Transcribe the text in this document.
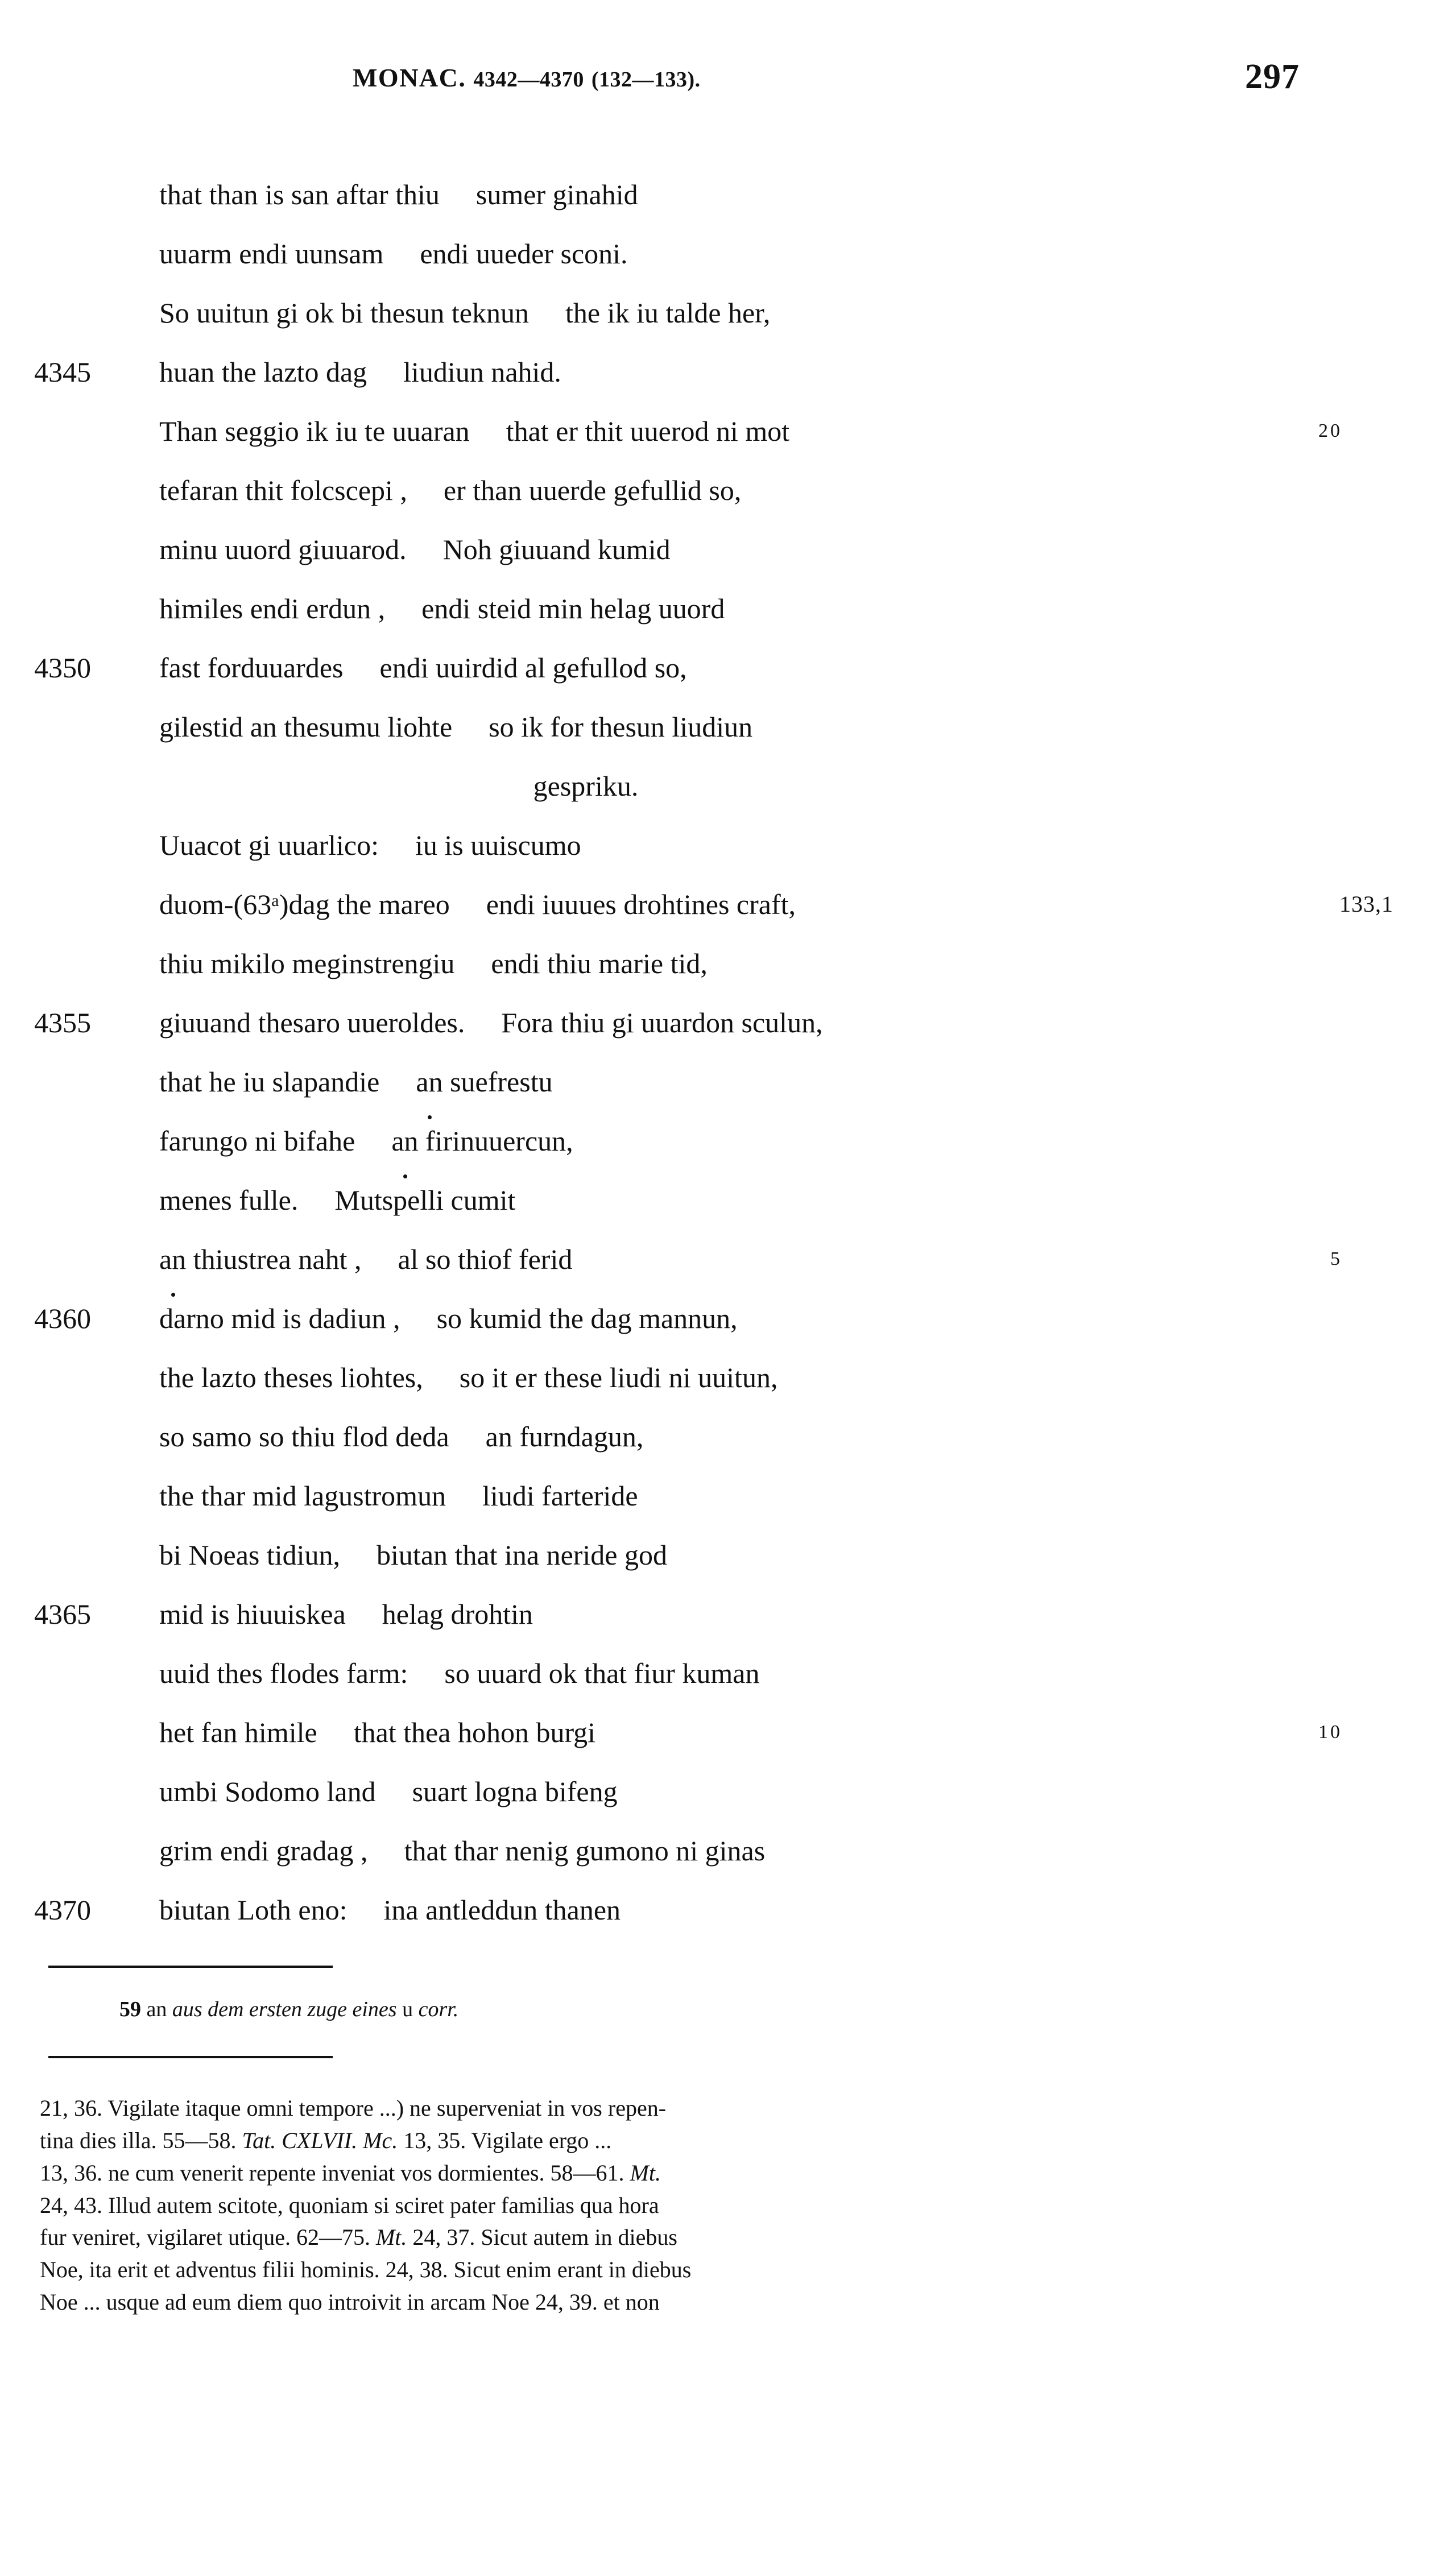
MONAC. 4342—4370 (132—133).	297
that than is san aftar thiu sumer ginahid
uuarm endi uunsam endi uueder sconi.
So uuitun gi ok bi thesun teknun the ik iu talde her,
4345	huan the lazto dag liudiun nahid.
Than seggio ik iu te uuaran that er thit uuerod ni mot	20
tefaran thit folcscepi , er than uuerde gefullid so,
minu uuord giuuarod. Noh giuuand kumid
himiles endi erdun , endi steid min helag uuord
4350	fast forduuardes endi uuirdid al gefullod so,
gilestid an thesumu liohte so ik for thesun liudiun
gespriku.
Uuacot gi uuarlico: iu is uuiscumo
duom-(63ᵃ)dag the mareo endi iuuues drohtines craft,	133,1
thiu mikilo meginstrengiu endi thiu marie tid,
4355	giuuand thesaro uueroldes. Fora thiu gi uuardon sculun,
that he iu slapandie an suefrestu
farungo ni bifahe an firinuuercun,
menes fulle. Mutspelli cumit
an thiustrea naht , al so thiof ferid	5
4360	darno mid is dadiun , so kumid the dag mannun,
the lazto theses liohtes, so it er these liudi ni uuitun,
so samo so thiu flod deda an furndagun,
the thar mid lagustromun liudi farteride
bi Noeas tidiun, biutan that ina neride god
4365	mid is hiuuiskea helag drohtin
uuid thes flodes farm: so uuard ok that fiur kuman
het fan himile that thea hohon burgi	10
umbi Sodomo land suart logna bifeng
grim endi gradag , that thar nenig gumono ni ginas
4370	biutan Loth eno: ina antleddun thanen
59 an aus dem ersten zuge eines u corr.
21, 36. Vigilate itaque omni tempore ...) ne superveniat in vos repen-
tina dies illa. 55—58. Tat. CXLVII. Mc. 13, 35. Vigilate ergo ...
13, 36. ne cum venerit repente inveniat vos dormientes. 58—61. Mt.
24, 43. Illud autem scitote, quoniam si sciret pater familias qua hora
fur veniret, vigilaret utique. 62—75. Mt. 24, 37. Sicut autem in diebus
Noe, ita erit et adventus filii hominis. 24, 38. Sicut enim erant in diebus
Noe ... usque ad eum diem quo introivit in arcam Noe 24, 39. et non
